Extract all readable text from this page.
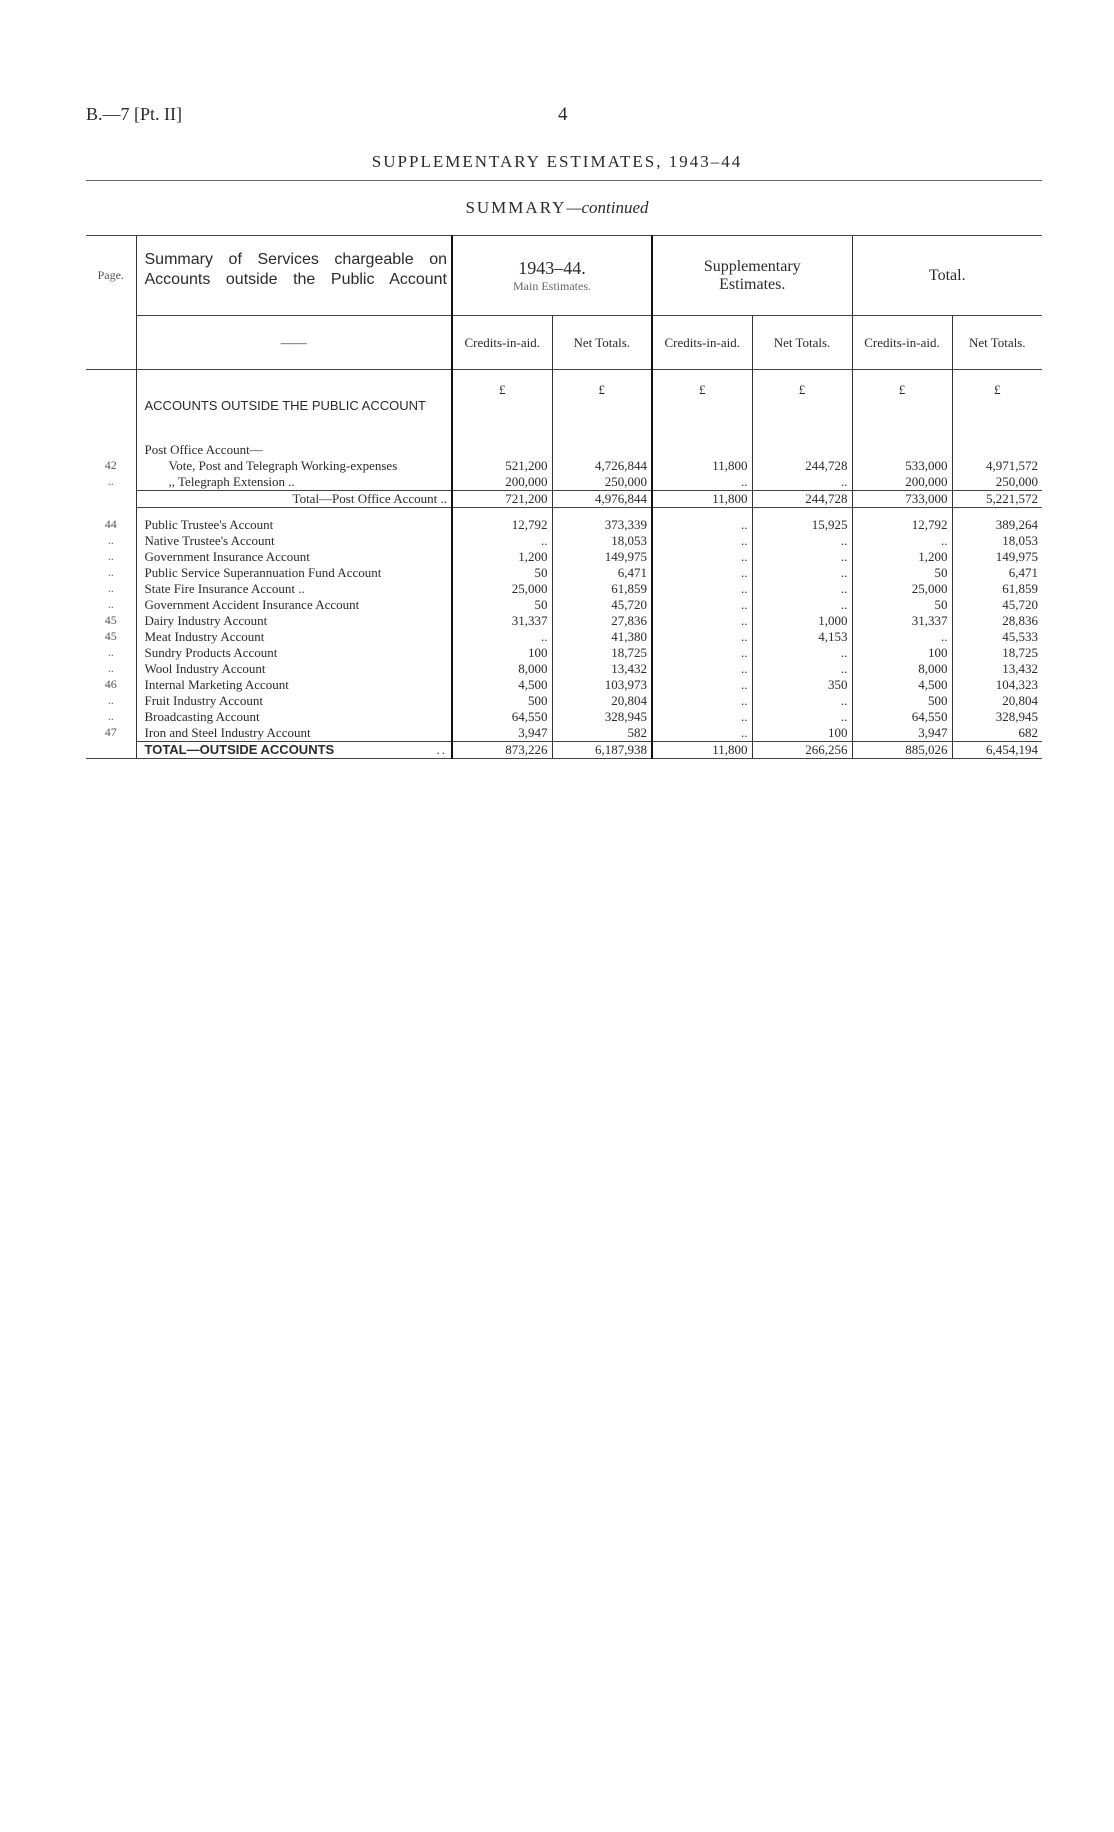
B.—7 [Pt. II]	4
SUPPLEMENTARY ESTIMATES, 1943–44
SUMMARY—continued
Page.	Summary of Services chargeable on Accounts outside the Public Account	1943–44.
Main Estimates.		Supplementary Estimates.		Total.	
	——	Credits-in-aid.	Net Totals.	Credits-in-aid.	Net Totals.	Credits-in-aid.	Net Totals.
	ACCOUNTS OUTSIDE THE PUBLIC ACCOUNT	£	£	£	£	£	£
	Post Office Account—						
42	Vote, Post and Telegraph Working-expenses	521,200	4,726,844	11,800	244,728	533,000	4,971,572
..	,, Telegraph Extension ..	200,000	250,000	..	..	200,000	250,000
	Total—Post Office Account ..	721,200	4,976,844	11,800	244,728	733,000	5,221,572

44	Public Trustee's Account	12,792	373,339	..	15,925	12,792	389,264
..	Native Trustee's Account	..	18,053	..	..	..	18,053
..	Government Insurance Account	1,200	149,975	..	..	1,200	149,975
..	Public Service Superannuation Fund Account	50	6,471	..	..	50	6,471
..	State Fire Insurance Account ..	25,000	61,859	..	..	25,000	61,859
..	Government Accident Insurance Account	50	45,720	..	..	50	45,720
45	Dairy Industry Account	31,337	27,836	..	1,000	31,337	28,836
45	Meat Industry Account	..	41,380	..	4,153	..	45,533
..	Sundry Products Account	100	18,725	..	..	100	18,725
..	Wool Industry Account	8,000	13,432	..	..	8,000	13,432
46	Internal Marketing Account	4,500	103,973	..	350	4,500	104,323
..	Fruit Industry Account	500	20,804	..	..	500	20,804
..	Broadcasting Account	64,550	328,945	..	..	64,550	328,945
47	Iron and Steel Industry Account	3,947	582	..	100	3,947	682
	TOTAL—OUTSIDE ACCOUNTS ..	873,226	6,187,938	11,800	266,256	885,026	6,454,194
